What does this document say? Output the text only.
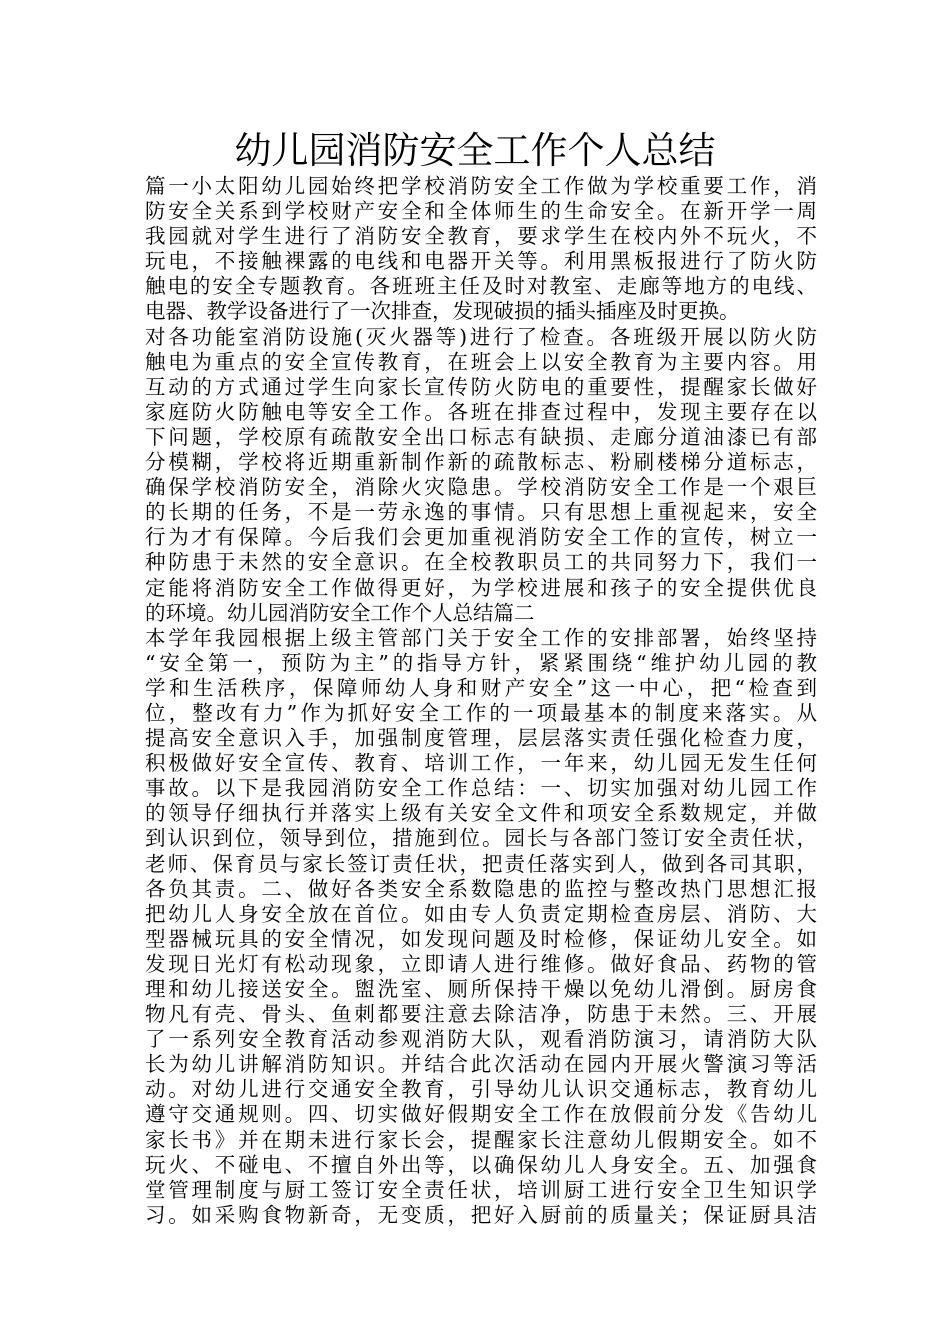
幼儿园消防安全工作个人总结
篇一小太阳幼儿园始终把学校消防安全工作做为学校重要工作，消
防安全关系到学校财产安全和全体师生的生命安全。在新开学一周
我园就对学生进行了消防安全教育，要求学生在校内外不玩火，不
玩电，不接触裸露的电线和电器开关等。利用黑板报进行了防火防
触电的安全专题教育。各班班主任及时对教室、走廊等地方的电线、
电器、教学设备进行了一次排查，发现破损的插头插座及时更换。
对各功能室消防设施(灭火器等)进行了检查。各班级开展以防火防
触电为重点的安全宣传教育，在班会上以安全教育为主要内容。用
互动的方式通过学生向家长宣传防火防电的重要性，提醒家长做好
家庭防火防触电等安全工作。各班在排查过程中，发现主要存在以
下问题，学校原有疏散安全出口标志有缺损、走廊分道油漆已有部
分模糊，学校将近期重新制作新的疏散标志、粉刷楼梯分道标志，
确保学校消防安全，消除火灾隐患。学校消防安全工作是一个艰巨
的长期的任务，不是一劳永逸的事情。只有思想上重视起来，安全
行为才有保障。今后我们会更加重视消防安全工作的宣传，树立一
种防患于未然的安全意识。在全校教职员工的共同努力下，我们一
定能将消防安全工作做得更好，为学校进展和孩子的安全提供优良
的环境。幼儿园消防安全工作个人总结篇二
本学年我园根据上级主管部门关于安全工作的安排部署，始终坚持
“安全第一，预防为主”的指导方针，紧紧围绕“维护幼儿园的教
学和生活秩序，保障师幼人身和财产安全”这一中心，把“检查到
位，整改有力”作为抓好安全工作的一项最基本的制度来落实。从
提高安全意识入手，加强制度管理，层层落实责任强化检查力度，
积极做好安全宣传、教育、培训工作，一年来，幼儿园无发生任何
事故。以下是我园消防安全工作总结：一、切实加强对幼儿园工作
的领导仔细执行并落实上级有关安全文件和项安全系数规定，并做
到认识到位，领导到位，措施到位。园长与各部门签订安全责任状，
老师、保育员与家长签订责任状，把责任落实到人，做到各司其职，
各负其责。二、做好各类安全系数隐患的监控与整改热门思想汇报
把幼儿人身安全放在首位。如由专人负责定期检查房层、消防、大
型器械玩具的安全情况，如发现问题及时检修，保证幼儿安全。如
发现日光灯有松动现象，立即请人进行维修。做好食品、药物的管
理和幼儿接送安全。盥洗室、厕所保持干燥以免幼儿滑倒。厨房食
物凡有壳、骨头、鱼刺都要注意去除洁净，防患于未然。三、开展
了一系列安全教育活动参观消防大队，观看消防演习，请消防大队
长为幼儿讲解消防知识。并结合此次活动在园内开展火警演习等活
动。对幼儿进行交通安全教育，引导幼儿认识交通标志，教育幼儿
遵守交通规则。四、切实做好假期安全工作在放假前分发《告幼儿
家长书》并在期未进行家长会，提醒家长注意幼儿假期安全。如不
玩火、不碰电、不擅自外出等，以确保幼儿人身安全。五、加强食
堂管理制度与厨工签订安全责任状，培训厨工进行安全卫生知识学
习。如采购食物新奇，无变质，把好入厨前的质量关；保证厨具洁
